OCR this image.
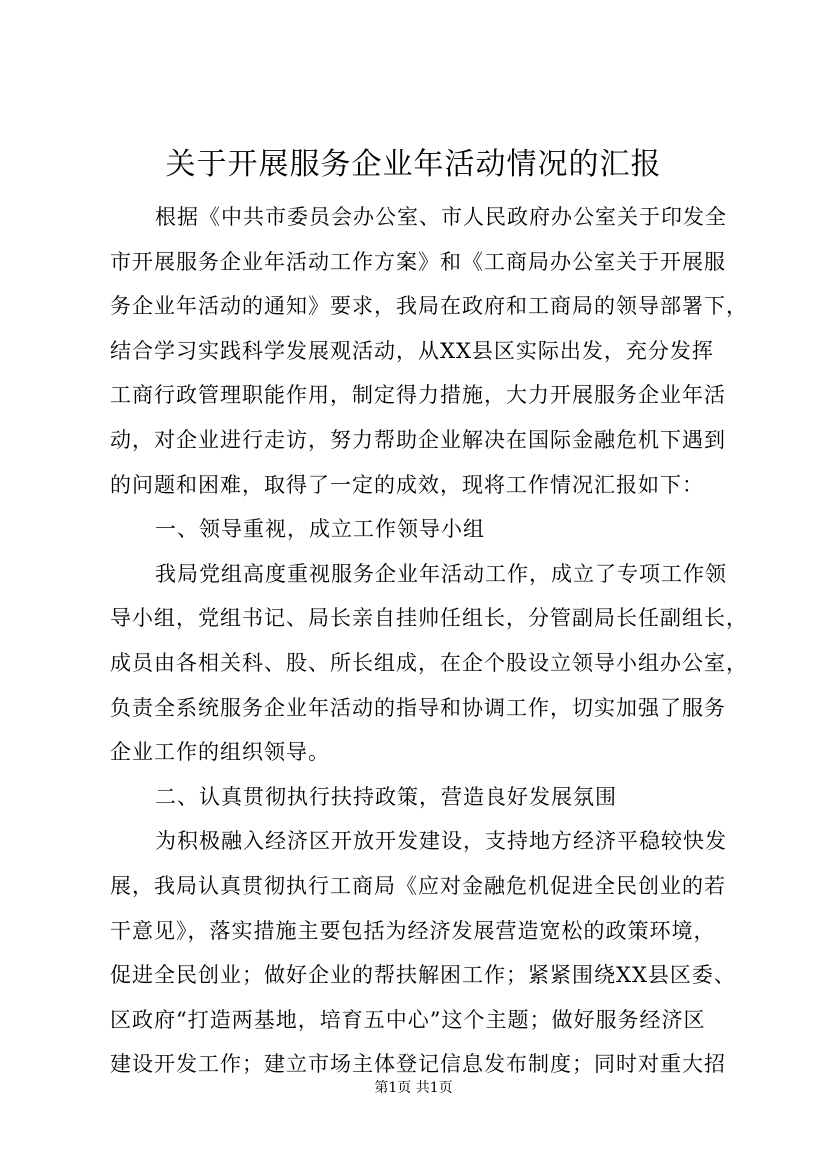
关于开展服务企业年活动情况的汇报
根据《中共市委员会办公室、市人民政府办公室关于印发全
市开展服务企业年活动工作方案》和《工商局办公室关于开展服
务企业年活动的通知》要求，我局在政府和工商局的领导部署下，
结合学习实践科学发展观活动，从XX县区实际出发，充分发挥
工商行政管理职能作用，制定得力措施，大力开展服务企业年活
动，对企业进行走访，努力帮助企业解决在国际金融危机下遇到
的问题和困难，取得了一定的成效，现将工作情况汇报如下：
一、领导重视，成立工作领导小组
我局党组高度重视服务企业年活动工作，成立了专项工作领
导小组，党组书记、局长亲自挂帅任组长，分管副局长任副组长，
成员由各相关科、股、所长组成，在企个股设立领导小组办公室，
负责全系统服务企业年活动的指导和协调工作，切实加强了服务
企业工作的组织领导。
二、认真贯彻执行扶持政策，营造良好发展氛围
为积极融入经济区开放开发建设，支持地方经济平稳较快发
展，我局认真贯彻执行工商局《应对金融危机促进全民创业的若
干意见》，落实措施主要包括为经济发展营造宽松的政策环境，
促进全民创业；做好企业的帮扶解困工作；紧紧围绕XX县区委、
区政府“打造两基地，培育五中心”这个主题；做好服务经济区
建设开发工作；建立市场主体登记信息发布制度；同时对重大招
第1页 共1页
